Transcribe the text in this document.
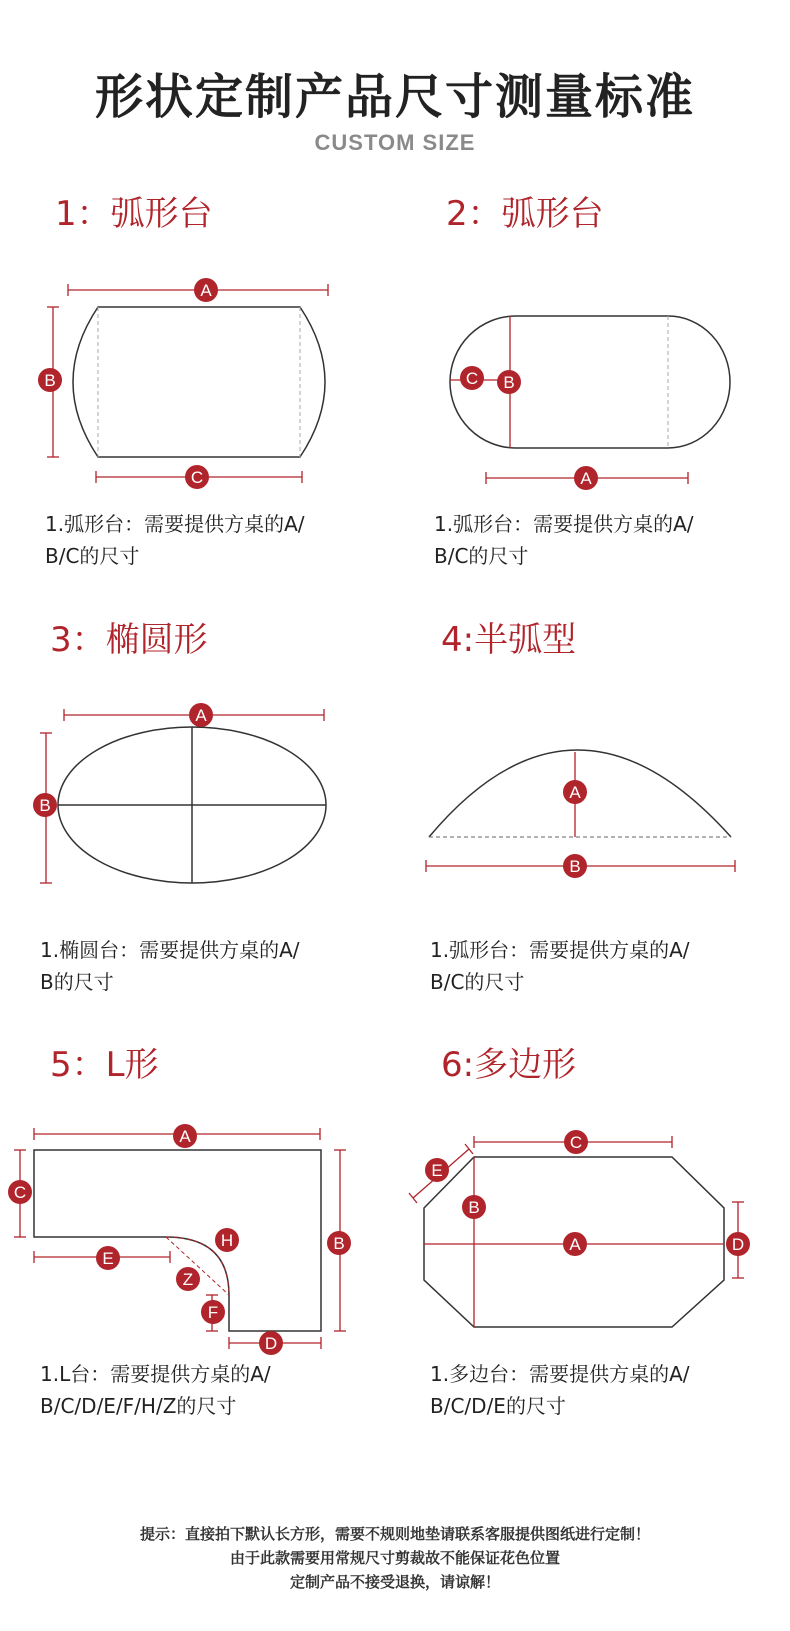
形状定制产品尺寸测量标准
CUSTOM SIZE
1：弧形台
A
B
C
1.弧形台：需要提供方桌的A/
B/C的尺寸
2：弧形台
C B
A
1.弧形台：需要提供方桌的A/
B/C的尺寸
3：椭圆形
A
B
1.椭圆台：需要提供方桌的A/
B的尺寸
4:半弧型
A
B
1.弧形台：需要提供方桌的A/
B/C的尺寸
5：L形
A
C
H	B
E
Z
F
D
1.L台：需要提供方桌的A/
B/C/D/E/F/H/Z的尺寸
6:多边形
C
E
B
A	D
1.多边台：需要提供方桌的A/
B/C/D/E的尺寸
提示：直接拍下默认长方形，需要不规则地垫请联系客服提供图纸进行定制！
由于此款需要用常规尺寸剪裁故不能保证花色位置
定制产品不接受退换，请谅解！
